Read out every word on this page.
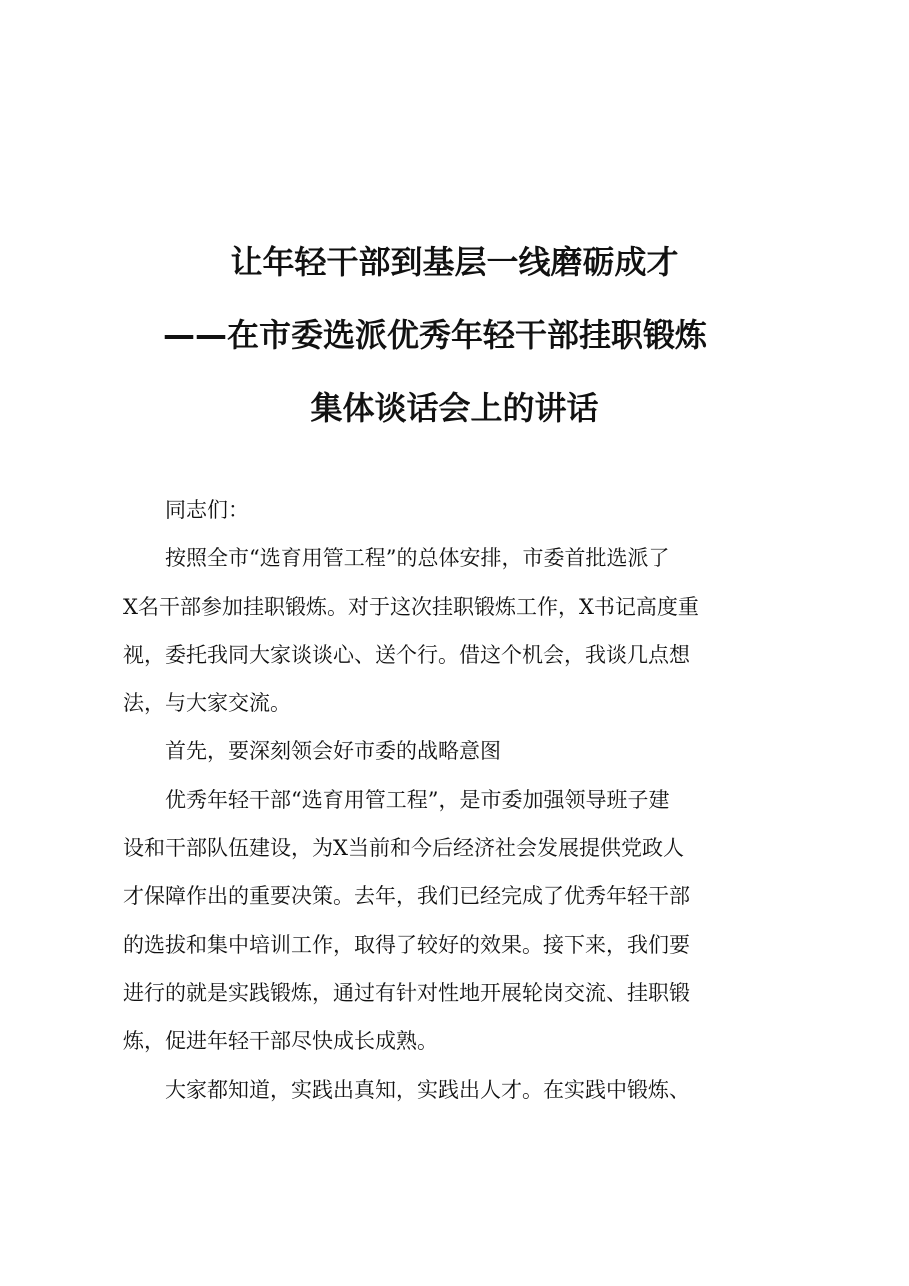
让年轻干部到基层一线磨砺成才
——在市委选派优秀年轻干部挂职锻炼
集体谈话会上的讲话
同志们：
按照全市“选育用管工程”的总体安排，市委首批选派了
X名干部参加挂职锻炼。对于这次挂职锻炼工作，X书记高度重
视，委托我同大家谈谈心、送个行。借这个机会，我谈几点想
法，与大家交流。
首先，要深刻领会好市委的战略意图
优秀年轻干部“选育用管工程”，是市委加强领导班子建
设和干部队伍建设，为X当前和今后经济社会发展提供党政人
才保障作出的重要决策。去年，我们已经完成了优秀年轻干部
的选拔和集中培训工作，取得了较好的效果。接下来，我们要
进行的就是实践锻炼，通过有针对性地开展轮岗交流、挂职锻
炼，促进年轻干部尽快成长成熟。
大家都知道，实践出真知，实践出人才。在实践中锻炼、
